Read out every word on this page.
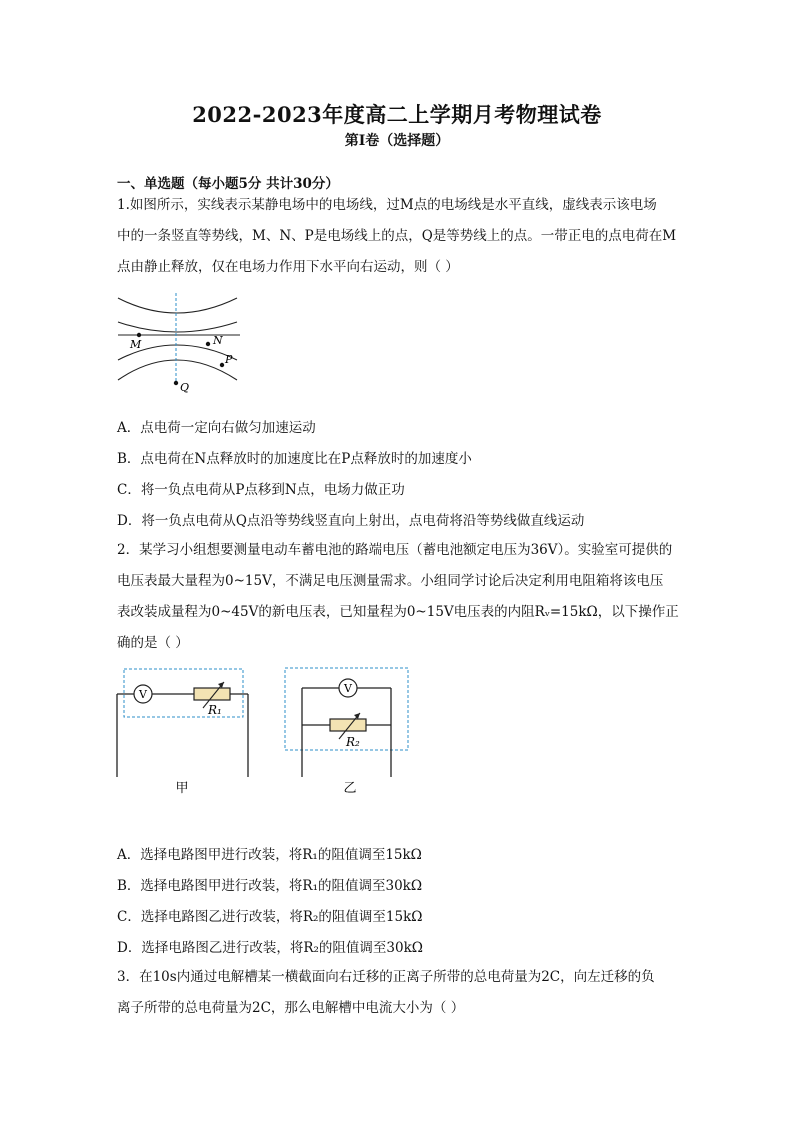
2022-2023年度高二上学期月考物理试卷
第I卷（选择题）
一、单选题（每小题5分 共计30分）
1.如图所示，实线表示某静电场中的电场线，过M点的电场线是水平直线，虚线表示该电场
中的一条竖直等势线，M、N、P是电场线上的点，Q是等势线上的点。一带正电的点电荷在M
点由静止释放，仅在电场力作用下水平向右运动，则（ ）
M	N
P
Q
A．点电荷一定向右做匀加速运动
B．点电荷在N点释放时的加速度比在P点释放时的加速度小
C．将一负点电荷从P点移到N点，电场力做正功
D．将一负点电荷从Q点沿等势线竖直向上射出，点电荷将沿等势线做直线运动
2．某学习小组想要测量电动车蓄电池的路端电压（蓄电池额定电压为36V）。实验室可提供的
电压表最大量程为0~15V，不满足电压测量需求。小组同学讨论后决定利用电阻箱将该电压
表改装成量程为0~45V的新电压表，已知量程为0~15V电压表的内阻Rᵥ=15kΩ，以下操作正
确的是（ ）
V
R₁
甲
V
R₂
乙
A．选择电路图甲进行改装，将R₁的阻值调至15kΩ
B．选择电路图甲进行改装，将R₁的阻值调至30kΩ
C．选择电路图乙进行改装，将R₂的阻值调至15kΩ
D．选择电路图乙进行改装，将R₂的阻值调至30kΩ
3．在10s内通过电解槽某一横截面向右迁移的正离子所带的总电荷量为2C，向左迁移的负
离子所带的总电荷量为2C，那么电解槽中电流大小为（ ）
